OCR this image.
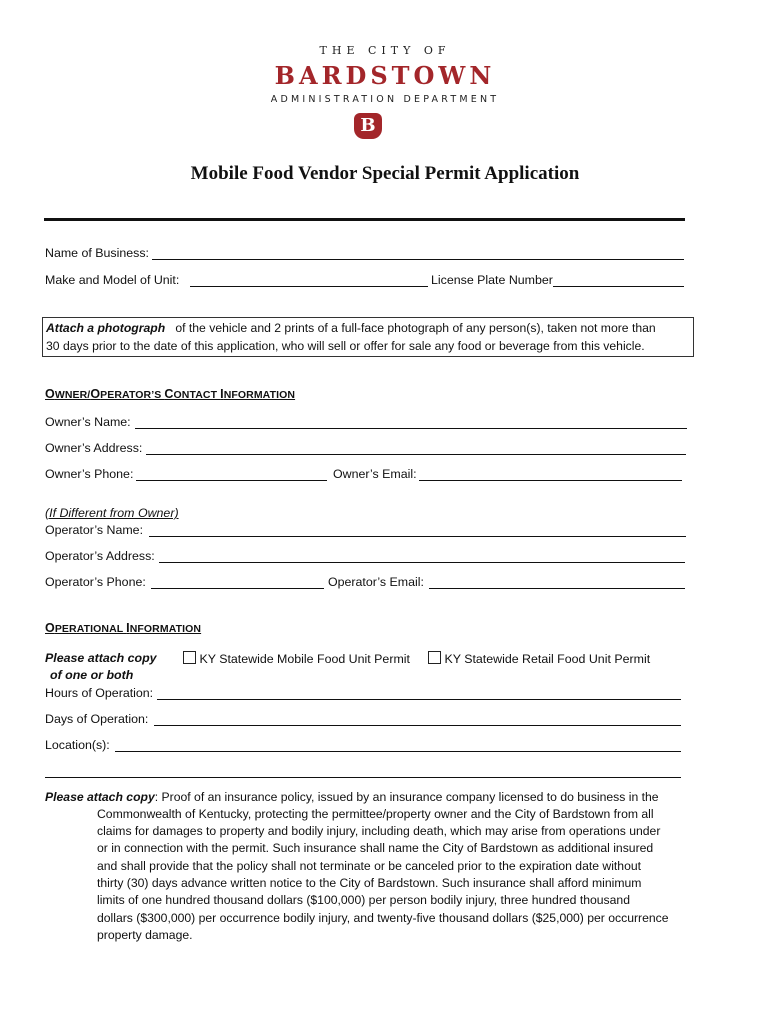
THE CITY OF
BARDSTOWN
ADMINISTRATION DEPARTMENT
B
Mobile Food Vendor Special Permit Application
Name of Business:
Make and Model of Unit:	License Plate Number

Attach a photograph of the vehicle and 2 prints of a full-face photograph of any person(s), taken not more than

30 days prior to the date of this application, who will sell or offer for sale any food or beverage from this vehicle.

OWNER/OPERATOR’S CONTACT INFORMATION
Owner’s Name:
Owner’s Address:
Owner’s Phone:	Owner’s Email:
(If Different from Owner)
Operator’s Name:
Operator’s Address:
Operator’s Phone:	Operator’s Email:
OPERATIONAL INFORMATION
Please attach copy
of one or both
KY Statewide Mobile Food Unit Permit	KY Statewide Retail Food Unit Permit
Hours of Operation:
Days of Operation:
Location(s):
Please attach copy: Proof of an insurance policy, issued by an insurance company licensed to do business in the
Commonwealth of Kentucky, protecting the permittee/property owner and the City of Bardstown from all
claims for damages to property and bodily injury, including death, which may arise from operations under
or in connection with the permit. Such insurance shall name the City of Bardstown as additional insured
and shall provide that the policy shall not terminate or be canceled prior to the expiration date without
thirty (30) days advance written notice to the City of Bardstown. Such insurance shall afford minimum
limits of one hundred thousand dollars ($100,000) per person bodily injury, three hundred thousand
dollars ($300,000) per occurrence bodily injury, and twenty-five thousand dollars ($25,000) per occurrence
property damage.
